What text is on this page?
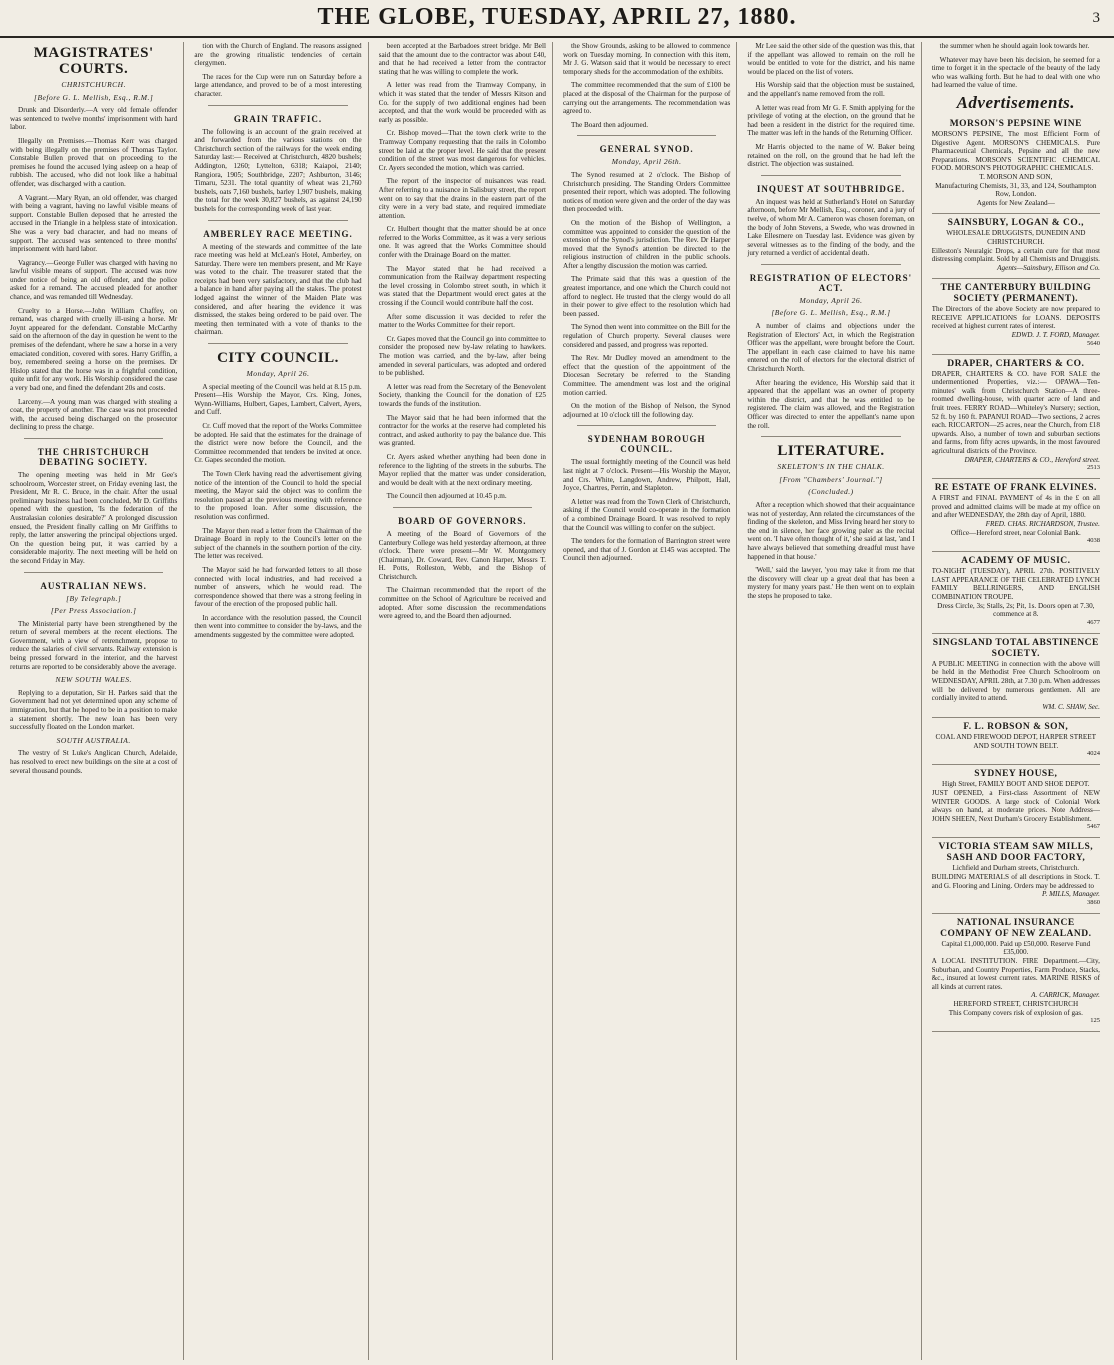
THE GLOBE, TUESDAY, APRIL 27, 1880.	3
MAGISTRATES' COURTS.
CHRISTCHURCH.
[Before G. L. Mellish, Esq., R.M.]

Drunk and Disorderly.—A very old female offender was sentenced to twelve months' imprisonment with hard labor.

Illegally on Premises.—Thomas Kerr was charged with being illegally on the premises of Thomas Taylor. Constable Bullen proved that on proceeding to the premises he found the accused lying asleep on a heap of rubbish. The accused, who did not look like a habitual offender, was discharged with a caution.

A Vagrant.—Mary Ryan, an old offender, was charged with being a vagrant, having no lawful visible means of support. Constable Bullen deposed that he arrested the accused in the Triangle in a helpless state of intoxication. She was a very bad character, and had no means of support. The accused was sentenced to three months' imprisonment with hard labor.

Vagrancy.—George Fuller was charged with having no lawful visible means of support. The accused was now under notice of being an old offender, and the police asked for a remand. The accused pleaded for another chance, and was remanded till Wednesday.

Cruelty to a Horse.—John William Chaffey, on remand, was charged with cruelly ill-using a horse. Mr Joynt appeared for the defendant. Constable McCarthy said on the afternoon of the day in question he went to the premises of the defendant, where he saw a horse in a very emaciated condition, covered with sores. Harry Griffin, a boy, remembered seeing a horse on the premises. Dr Hislop stated that the horse was in a frightful condition, quite unfit for any work. His Worship considered the case a very bad one, and fined the defendant 20s and costs.

Larceny.—A young man was charged with stealing a coat, the property of another. The case was not proceeded with, the accused being discharged on the prosecutor declining to press the charge.

THE CHRISTCHURCH DEBATING SOCIETY.

The opening meeting was held in Mr Gee's schoolroom, Worcester street, on Friday evening last, the President, Mr R. C. Bruce, in the chair. After the usual preliminary business had been concluded, Mr D. Griffiths opened with the question, 'Is the federation of the Australasian colonies desirable?' A prolonged discussion ensued, the President finally calling on Mr Griffiths to reply, the latter answering the principal objections urged. On the question being put, it was carried by a considerable majority. The next meeting will be held on the second Friday in May.

AUSTRALIAN NEWS.
[By Telegraph.]
[Per Press Association.]

The Ministerial party have been strengthened by the return of several members at the recent elections. The Government, with a view of retrenchment, propose to reduce the salaries of civil servants. Railway extension is being pressed forward in the interior, and the harvest returns are reported to be considerably above the average.

NEW SOUTH WALES.

Replying to a deputation, Sir H. Parkes said that the Government had not yet determined upon any scheme of immigration, but that he hoped to be in a position to make a statement shortly. The new loan has been very successfully floated on the London market.

SOUTH AUSTRALIA.

The vestry of St Luke's Anglican Church, Adelaide, has resolved to erect new buildings on the site at a cost of several thousand pounds.

tion with the Church of England. The reasons assigned are the growing ritualistic tendencies of certain clergymen.

The races for the Cup were run on Saturday before a large attendance, and proved to be of a most interesting character.

GRAIN TRAFFIC.

The following is an account of the grain received at and forwarded from the various stations on the Christchurch section of the railways for the week ending Saturday last:— Received at Christchurch, 4820 bushels; Addington, 1260; Lyttelton, 6318; Kaiapoi, 2140; Rangiora, 1905; Southbridge, 2207; Ashburton, 3146; Timaru, 5231. The total quantity of wheat was 21,760 bushels, oats 7,160 bushels, barley 1,907 bushels, making the total for the week 30,827 bushels, as against 24,190 bushels for the corresponding week of last year.

AMBERLEY RACE MEETING.

A meeting of the stewards and committee of the late race meeting was held at McLean's Hotel, Amberley, on Saturday. There were ten members present, and Mr Kaye was voted to the chair. The treasurer stated that the receipts had been very satisfactory, and that the club had a balance in hand after paying all the stakes. The protest lodged against the winner of the Maiden Plate was considered, and after hearing the evidence it was dismissed, the stakes being ordered to be paid over. The meeting then terminated with a vote of thanks to the chairman.

CITY COUNCIL.
Monday, April 26.

A special meeting of the Council was held at 8.15 p.m. Present—His Worship the Mayor, Crs. King, Jones, Wynn-Williams, Hulbert, Gapes, Lambert, Calvert, Ayers, and Cuff.

Cr. Cuff moved that the report of the Works Committee be adopted. He said that the estimates for the drainage of the district were now before the Council, and the Committee recommended that tenders be invited at once. Cr. Gapes seconded the motion.

The Town Clerk having read the advertisement giving notice of the intention of the Council to hold the special meeting, the Mayor said the object was to confirm the resolution passed at the previous meeting with reference to the proposed loan. After some discussion, the resolution was confirmed.

The Mayor then read a letter from the Chairman of the Drainage Board in reply to the Council's letter on the subject of the channels in the southern portion of the city. The letter was received.

The Mayor said he had forwarded letters to all those connected with local industries, and had received a number of answers, which he would read. The correspondence showed that there was a strong feeling in favour of the erection of the proposed public hall.

In accordance with the resolution passed, the Council then went into committee to consider the by-laws, and the amendments suggested by the committee were adopted.

been accepted at the Barbadoes street bridge. Mr Bell said that the amount due to the contractor was about £40, and that he had received a letter from the contractor stating that he was willing to complete the work.

A letter was read from the Tramway Company, in which it was stated that the tender of Messrs Kitson and Co. for the supply of two additional engines had been accepted, and that the work would be proceeded with as early as possible.

Cr. Bishop moved—That the town clerk write to the Tramway Company requesting that the rails in Colombo street be laid at the proper level. He said that the present condition of the street was most dangerous for vehicles. Cr. Ayers seconded the motion, which was carried.

The report of the inspector of nuisances was read. After referring to a nuisance in Salisbury street, the report went on to say that the drains in the eastern part of the city were in a very bad state, and required immediate attention.

Cr. Hulbert thought that the matter should be at once referred to the Works Committee, as it was a very serious one. It was agreed that the Works Committee should confer with the Drainage Board on the matter.

The Mayor stated that he had received a communication from the Railway department respecting the level crossing in Colombo street south, in which it was stated that the Department would erect gates at the crossing if the Council would contribute half the cost.

After some discussion it was decided to refer the matter to the Works Committee for their report.

Cr. Gapes moved that the Council go into committee to consider the proposed new by-law relating to hawkers. The motion was carried, and the by-law, after being amended in several particulars, was adopted and ordered to be published.

A letter was read from the Secretary of the Benevolent Society, thanking the Council for the donation of £25 towards the funds of the institution.

The Mayor said that he had been informed that the contractor for the works at the reserve had completed his contract, and asked authority to pay the balance due. This was granted.

Cr. Ayers asked whether anything had been done in reference to the lighting of the streets in the suburbs. The Mayor replied that the matter was under consideration, and would be dealt with at the next ordinary meeting.

The Council then adjourned at 10.45 p.m.

BOARD OF GOVERNORS.

A meeting of the Board of Governors of the Canterbury College was held yesterday afternoon, at three o'clock. There were present—Mr W. Montgomery (Chairman), Dr. Coward, Rev. Canon Harper, Messrs T. H. Potts, Rolleston, Webb, and the Bishop of Christchurch.

The Chairman recommended that the report of the committee on the School of Agriculture be received and adopted. After some discussion the recommendations were agreed to, and the Board then adjourned.

the Show Grounds, asking to be allowed to commence work on Tuesday morning. In connection with this item, Mr J. G. Watson said that it would be necessary to erect temporary sheds for the accommodation of the exhibits.

The committee recommended that the sum of £100 be placed at the disposal of the Chairman for the purpose of carrying out the arrangements. The recommendation was agreed to.

The Board then adjourned.

GENERAL SYNOD.
Monday, April 26th.

The Synod resumed at 2 o'clock. The Bishop of Christchurch presiding. The Standing Orders Committee presented their report, which was adopted. The following notices of motion were given and the order of the day was then proceeded with.

On the motion of the Bishop of Wellington, a committee was appointed to consider the question of the extension of the Synod's jurisdiction. The Rev. Dr Harper moved that the Synod's attention be directed to the religious instruction of children in the public schools. After a lengthy discussion the motion was carried.

The Primate said that this was a question of the greatest importance, and one which the Church could not afford to neglect. He trusted that the clergy would do all in their power to give effect to the resolution which had been passed.

The Synod then went into committee on the Bill for the regulation of Church property. Several clauses were considered and passed, and progress was reported.

The Rev. Mr Dudley moved an amendment to the effect that the question of the appointment of the Diocesan Secretary be referred to the Standing Committee. The amendment was lost and the original motion carried.

On the motion of the Bishop of Nelson, the Synod adjourned at 10 o'clock till the following day.

SYDENHAM BOROUGH COUNCIL.

The usual fortnightly meeting of the Council was held last night at 7 o'clock. Present—His Worship the Mayor, and Crs. White, Langdown, Andrew, Philpott, Hall, Joyce, Chartres, Perrin, and Stapleton.

A letter was read from the Town Clerk of Christchurch, asking if the Council would co-operate in the formation of a combined Drainage Board. It was resolved to reply that the Council was willing to confer on the subject.

The tenders for the formation of Barrington street were opened, and that of J. Gordon at £145 was accepted. The Council then adjourned.

Mr Lee said the other side of the question was this, that if the appellant was allowed to remain on the roll he would be entitled to vote for the district, and his name would be placed on the list of voters.

His Worship said that the objection must be sustained, and the appellant's name removed from the roll.

A letter was read from Mr G. F. Smith applying for the privilege of voting at the election, on the ground that he had been a resident in the district for the required time. The matter was left in the hands of the Returning Officer.

Mr Harris objected to the name of W. Baker being retained on the roll, on the ground that he had left the district. The objection was sustained.

INQUEST AT SOUTHBRIDGE.

An inquest was held at Sutherland's Hotel on Saturday afternoon, before Mr Mellish, Esq., coroner, and a jury of twelve, of whom Mr A. Cameron was chosen foreman, on the body of John Stevens, a Swede, who was drowned in Lake Ellesmere on Tuesday last. Evidence was given by several witnesses as to the finding of the body, and the jury returned a verdict of accidental death.

REGISTRATION OF ELECTORS' ACT.
Monday, April 26.
[Before G. L. Mellish, Esq., R.M.]

A number of claims and objections under the Registration of Electors' Act, in which the Registration Officer was the appellant, were brought before the Court. The appellant in each case claimed to have his name entered on the roll of electors for the electoral district of Christchurch North.

After hearing the evidence, His Worship said that it appeared that the appellant was an owner of property within the district, and that he was entitled to be registered. The claim was allowed, and the Registration Officer was directed to enter the appellant's name upon the roll.

LITERATURE.
SKELETON'S IN THE CHALK.
[From "Chambers' Journal."]
(Concluded.)

After a reception which showed that their acquaintance was not of yesterday, Ann related the circumstances of the finding of the skeleton, and Miss Irving heard her story to the end in silence, her face growing paler as the recital went on. 'I have often thought of it,' she said at last, 'and I have always believed that something dreadful must have happened in that house.'

'Well,' said the lawyer, 'you may take it from me that the discovery will clear up a great deal that has been a mystery for many years past.' He then went on to explain the steps he proposed to take.

the summer when he should again look towards her.

Whatever may have been his decision, he seemed for a time to forget it in the spectacle of the beauty of the lady who was walking forth. But he had to deal with one who had learned the value of time.

Advertisements.
MORSON'S PEPSINE WINE
MORSON'S PEPSINE, The most Efficient Form of Digestive Agent. MORSON'S CHEMICALS. Pure Pharmaceutical Chemicals, Pepsine and all the new Preparations. MORSON'S SCIENTIFIC CHEMICAL FOOD. MORSON'S PHOTOGRAPHIC CHEMICALS.
T. MORSON AND SON,
Manufacturing Chemists, 31, 33, and 124, Southampton Row, London.
Agents for New Zealand—
SAINSBURY, LOGAN & CO.,
WHOLESALE DRUGGISTS, DUNEDIN AND CHRISTCHURCH.
Eilleston's Neuralgic Drops, a certain cure for that most distressing complaint. Sold by all Chemists and Druggists.
Agents—Sainsbury, Ellison and Co.
THE CANTERBURY BUILDING SOCIETY (PERMANENT).
The Directors of the above Society are now prepared to RECEIVE APPLICATIONS for LOANS. DEPOSITS received at highest current rates of interest.
EDWD. J. T. FORD, Manager.
5640
DRAPER, CHARTERS & CO.
DRAPER, CHARTERS & CO. have FOR SALE the undermentioned Properties, viz.:— OPAWA—Ten-minutes' walk from Christchurch Station—A three-roomed dwelling-house, with quarter acre of land and fruit trees. FERRY ROAD—Whiteley's Nursery; section, 52 ft. by 160 ft. PAPANUI ROAD—Two sections, 2 acres each. RICCARTON—25 acres, near the Church, from £18 upwards. Also, a number of town and suburban sections and farms, from fifty acres upwards, in the most favoured agricultural districts of the Province.
DRAPER, CHARTERS & CO., Hereford street.
2513
RE ESTATE OF FRANK ELVINES.
A FIRST and FINAL PAYMENT of 4s in the £ on all proved and admitted claims will be made at my office on and after WEDNESDAY, the 28th day of April, 1880.
FRED. CHAS. RICHARDSON, Trustee.
Office—Hereford street, near Colonial Bank.
4038
ACADEMY OF MUSIC.
TO-NIGHT (TUESDAY), APRIL 27th. POSITIVELY LAST APPEARANCE OF THE CELEBRATED LYNCH FAMILY BELLRINGERS, AND ENGLISH COMBINATION TROUPE.
Dress Circle, 3s; Stalls, 2s; Pit, 1s. Doors open at 7.30, commence at 8.
4677
SINGSLAND TOTAL ABSTINENCE SOCIETY.
A PUBLIC MEETING in connection with the above will be held in the Methodist Free Church Schoolroom on WEDNESDAY, APRIL 28th, at 7.30 p.m. When addresses will be delivered by numerous gentlemen. All are cordially invited to attend.
WM. C. SHAW, Sec.
F. L. ROBSON & SON,
COAL AND FIREWOOD DEPOT, HARPER STREET AND SOUTH TOWN BELT.
4024
SYDNEY HOUSE,
High Street, FAMILY BOOT AND SHOE DEPOT.
JUST OPENED, a First-class Assortment of NEW WINTER GOODS. A large stock of Colonial Work always on hand, at moderate prices. Note Address— JOHN SHEEN, Next Durham's Grocery Establishment.
5467
VICTORIA STEAM SAW MILLS, SASH AND DOOR FACTORY,
Lichfield and Durham streets, Christchurch.
BUILDING MATERIALS of all descriptions in Stock. T. and G. Flooring and Lining. Orders may be addressed to
P. MILLS, Manager.
3860
NATIONAL INSURANCE COMPANY OF NEW ZEALAND.
Capital £1,000,000. Paid up £50,000. Reserve Fund £35,000.
A LOCAL INSTITUTION. FIRE Department.—City, Suburban, and Country Properties, Farm Produce, Stacks, &c., insured at lowest current rates. MARINE RISKS of all kinds at current rates.
A. CARRICK, Manager.
HEREFORD STREET, CHRISTCHURCH
This Company covers risk of explosion of gas.
125
